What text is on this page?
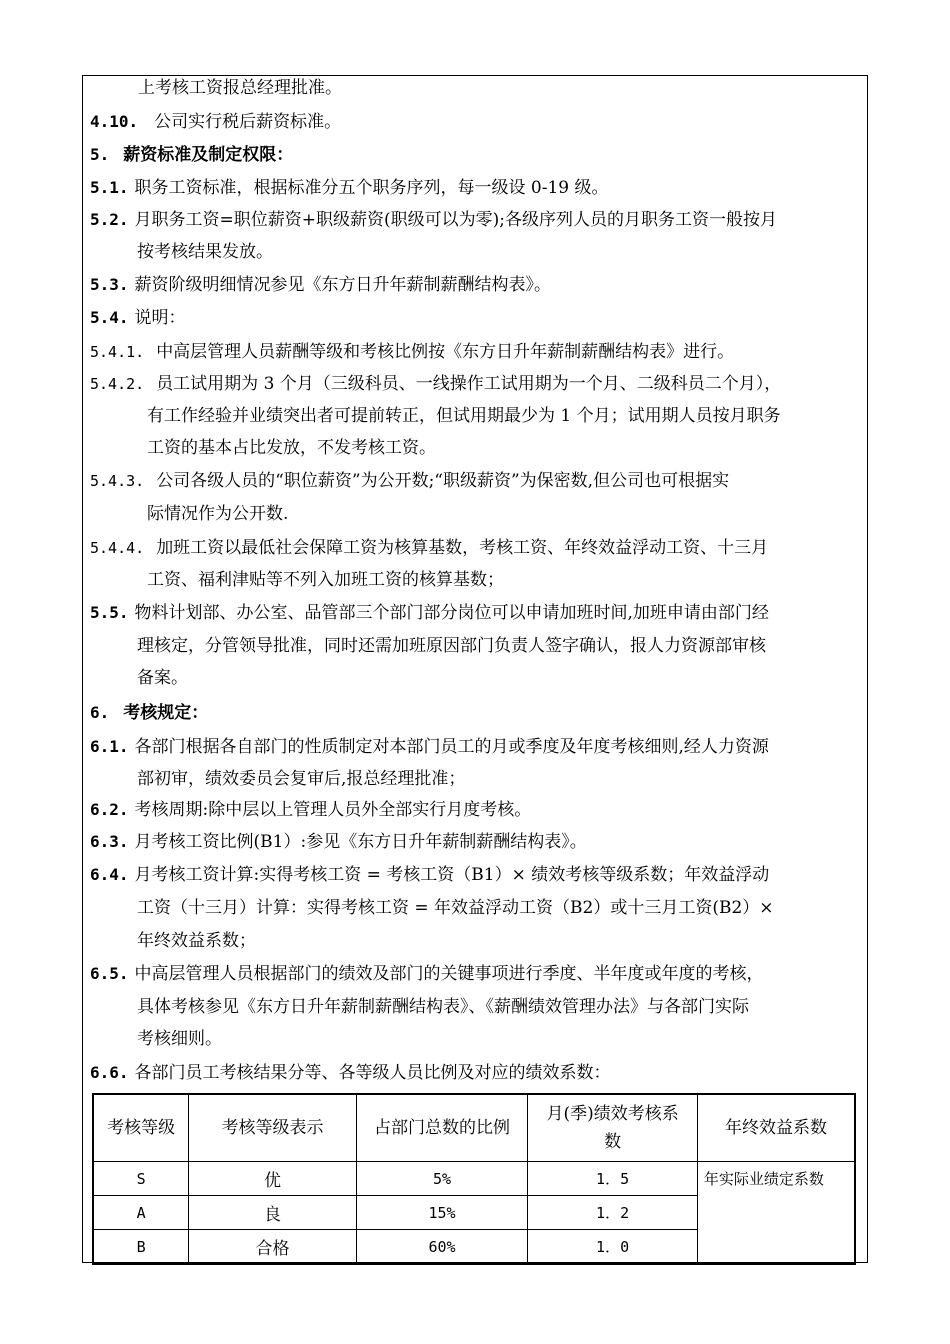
上考核工资报总经理批准。
4.10. 公司实行税后薪资标准。
5. 薪资标准及制定权限：
5.1. 职务工资标准，根据标准分五个职务序列，每一级设 0-19 级。
5.2. 月职务工资=职位薪资+职级薪资(职级可以为零);各级序列人员的月职务工资一般按月
按考核结果发放。
5.3. 薪资阶级明细情况参见《东方日升年薪制薪酬结构表》。
5.4. 说明：
5.4.1. 中高层管理人员薪酬等级和考核比例按《东方日升年薪制薪酬结构表》进行。
5.4.2. 员工试用期为 3 个月（三级科员、一线操作工试用期为一个月、二级科员二个月），
有工作经验并业绩突出者可提前转正，但试用期最少为 1 个月；试用期人员按月职务
工资的基本占比发放，不发考核工资。
5.4.3. 公司各级人员的“职位薪资”为公开数;“职级薪资”为保密数,但公司也可根据实
际情况作为公开数.
5.4.4. 加班工资以最低社会保障工资为核算基数，考核工资、年终效益浮动工资、十三月
工资、福利津贴等不列入加班工资的核算基数；
5.5. 物料计划部、办公室、品管部三个部门部分岗位可以申请加班时间,加班申请由部门经
理核定，分管领导批准，同时还需加班原因部门负责人签字确认，报人力资源部审核
备案。
6. 考核规定：
6.1. 各部门根据各自部门的性质制定对本部门员工的月或季度及年度考核细则,经人力资源
部初审，绩效委员会复审后,报总经理批准；
6.2. 考核周期:除中层以上管理人员外全部实行月度考核。
6.3. 月考核工资比例(B1）:参见《东方日升年薪制薪酬结构表》。
6.4. 月考核工资计算:实得考核工资 = 考核工资（B1）× 绩效考核等级系数；年效益浮动
工资（十三月）计算：实得考核工资 = 年效益浮动工资（B2）或十三月工资(B2）×
年终效益系数；
6.5. 中高层管理人员根据部门的绩效及部门的关键事项进行季度、半年度或年度的考核，
具体考核参见《东方日升年薪制薪酬结构表》、《薪酬绩效管理办法》与各部门实际
考核细则。
6.6. 各部门员工考核结果分等、各等级人员比例及对应的绩效系数：
考核等级	考核等级表示	占部门总数的比例	月(季)绩效考核系数	年终效益系数
S	优	5%	1．5	年实际业绩定系数
A	良	15%	1．2	
B	合格	60%	1．0	
